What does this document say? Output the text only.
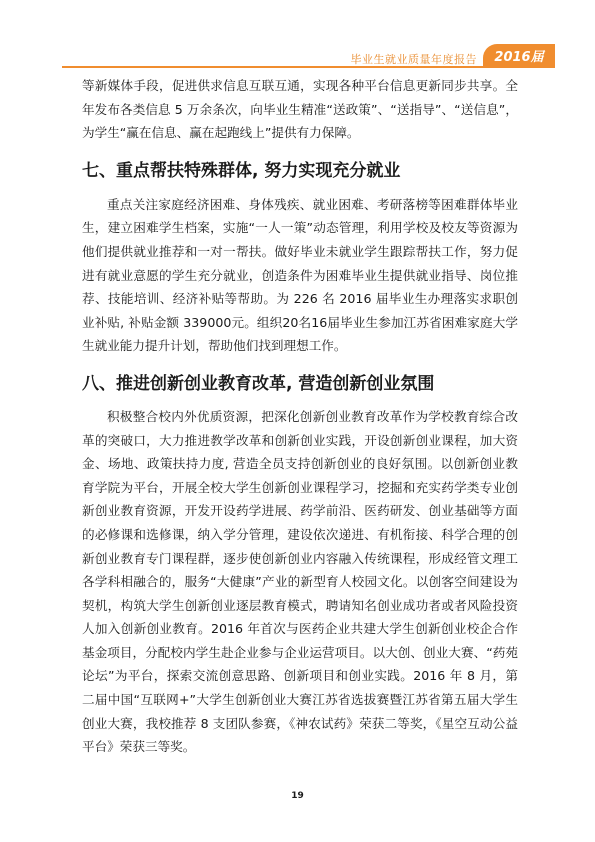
毕业生就业质量年度报告	2016届

等新媒体手段，促进供求信息互联互通，实现各种平台信息更新同步共享。全年发布各类信息 5 万余条次，向毕业生精准“送政策”、“送指导”、“送信息”，为学生“赢在信息、赢在起跑线上”提供有力保障。

七、重点帮扶特殊群体, 努力实现充分就业

重点关注家庭经济困难、身体残疾、就业困难、考研落榜等困难群体毕业生，建立困难学生档案，实施“一人一策”动态管理，利用学校及校友等资源为他们提供就业推荐和一对一帮扶。做好毕业未就业学生跟踪帮扶工作，努力促进有就业意愿的学生充分就业，创造条件为困难毕业生提供就业指导、岗位推荐、技能培训、经济补贴等帮助。为 226 名 2016 届毕业生办理落实求职创业补贴, 补贴金额 339000元。组织20名16届毕业生参加江苏省困难家庭大学生就业能力提升计划，帮助他们找到理想工作。

八、推进创新创业教育改革, 营造创新创业氛围

积极整合校内外优质资源，把深化创新创业教育改革作为学校教育综合改革的突破口，大力推进教学改革和创新创业实践，开设创新创业课程，加大资金、场地、政策扶持力度, 营造全员支持创新创业的良好氛围。以创新创业教育学院为平台，开展全校大学生创新创业课程学习，挖掘和充实药学类专业创新创业教育资源，开发开设药学进展、药学前沿、医药研发、创业基础等方面的必修课和选修课，纳入学分管理，建设依次递进、有机衔接、科学合理的创新创业教育专门课程群，逐步使创新创业内容融入传统课程，形成经管文理工各学科相融合的，服务“大健康”产业的新型育人校园文化。以创客空间建设为契机，构筑大学生创新创业逐层教育模式，聘请知名创业成功者或者风险投资人加入创新创业教育。2016 年首次与医药企业共建大学生创新创业校企合作基金项目，分配校内学生赴企业参与企业运营项目。以大创、创业大赛、“药苑论坛”为平台，探索交流创意思路、创新项目和创业实践。2016 年 8 月，第二届中国“互联网+”大学生创新创业大赛江苏省选拔赛暨江苏省第五届大学生创业大赛，我校推荐 8 支团队参赛，《神农试药》荣获二等奖，《星空互动公益平台》荣获三等奖。

19
